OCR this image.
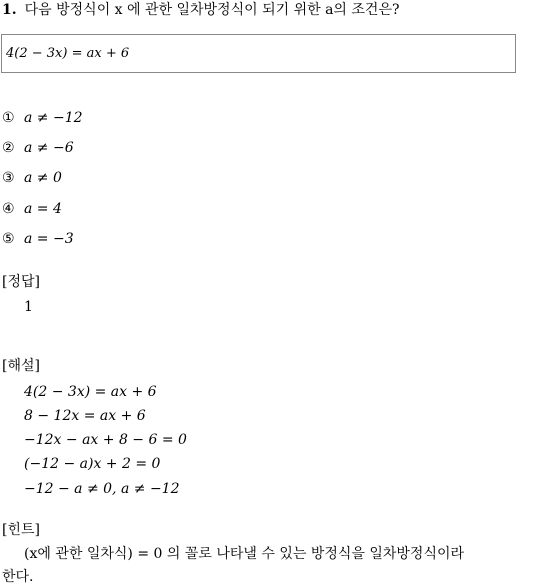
1. 다음 방정식이 x 에 관한 일차방정식이 되기 위한 a의 조건은?
4(2 − 3x) = ax + 6
① a ≠ −12
② a ≠ −6
③ a ≠ 0
④ a = 4
⑤ a = −3
[정답]
1
[해설]
4(2 − 3x) = ax + 6
8 − 12x = ax + 6
−12x − ax + 8 − 6 = 0
(−12 − a)x + 2 = 0
−12 − a ≠ 0, a ≠ −12
[힌트]
(x에 관한 일차식) = 0 의 꼴로 나타낼 수 있는 방정식을 일차방정식이라
한다.
